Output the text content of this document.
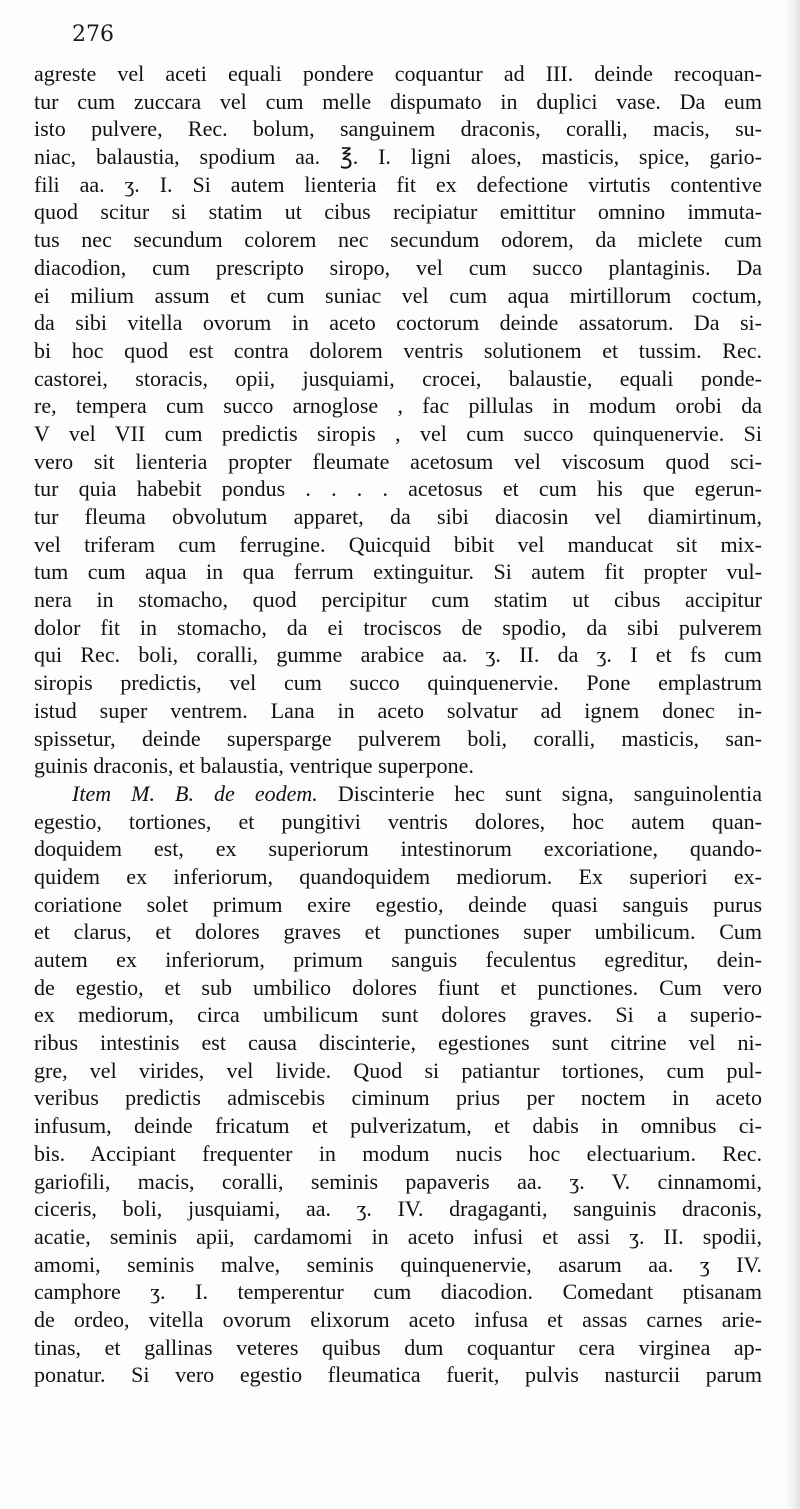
276
agreste vel aceti equali pondere coquantur ad III. deinde recoquan-
tur cum zuccara vel cum melle dispumato in duplici vase. Da eum
isto pulvere, Rec. bolum, sanguinem draconis, coralli, macis, su-
niac, balaustia, spodium aa. ℥. I. ligni aloes, masticis, spice, gario-
fili aa. ʒ. I. Si autem lienteria fit ex defectione virtutis contentive
quod scitur si statim ut cibus recipiatur emittitur omnino immuta-
tus nec secundum colorem nec secundum odorem, da miclete cum
diacodion, cum prescripto siropo, vel cum succo plantaginis. Da
ei milium assum et cum suniac vel cum aqua mirtillorum coctum,
da sibi vitella ovorum in aceto coctorum deinde assatorum. Da si-
bi hoc quod est contra dolorem ventris solutionem et tussim. Rec.
castorei, storacis, opii, jusquiami, crocei, balaustie, equali ponde-
re, tempera cum succo arnoglose , fac pillulas in modum orobi da
V vel VII cum predictis siropis , vel cum succo quinquenervie. Si
vero sit lienteria propter fleumate acetosum vel viscosum quod sci-
tur quia habebit pondus . . . . acetosus et cum his que egerun-
tur fleuma obvolutum apparet, da sibi diacosin vel diamirtinum,
vel triferam cum ferrugine. Quicquid bibit vel manducat sit mix-
tum cum aqua in qua ferrum extinguitur. Si autem fit propter vul-
nera in stomacho, quod percipitur cum statim ut cibus accipitur
dolor fit in stomacho, da ei trociscos de spodio, da sibi pulverem
qui Rec. boli, coralli, gumme arabice aa. ʒ. II. da ʒ. I et fs cum
siropis predictis, vel cum succo quinquenervie. Pone emplastrum
istud super ventrem. Lana in aceto solvatur ad ignem donec in-
spissetur, deinde supersparge pulverem boli, coralli, masticis, san-
guinis draconis, et balaustia, ventrique superpone.
Item M. B. de eodem. Discinterie hec sunt signa, sanguinolentia
egestio, tortiones, et pungitivi ventris dolores, hoc autem quan-
doquidem est, ex superiorum intestinorum excoriatione, quando-
quidem ex inferiorum, quandoquidem mediorum. Ex superiori ex-
coriatione solet primum exire egestio, deinde quasi sanguis purus
et clarus, et dolores graves et punctiones super umbilicum. Cum
autem ex inferiorum, primum sanguis feculentus egreditur, dein-
de egestio, et sub umbilico dolores fiunt et punctiones. Cum vero
ex mediorum, circa umbilicum sunt dolores graves. Si a superio-
ribus intestinis est causa discinterie, egestiones sunt citrine vel ni-
gre, vel virides, vel livide. Quod si patiantur tortiones, cum pul-
veribus predictis admiscebis ciminum prius per noctem in aceto
infusum, deinde fricatum et pulverizatum, et dabis in omnibus ci-
bis. Accipiant frequenter in modum nucis hoc electuarium. Rec.
gariofili, macis, coralli, seminis papaveris aa. ʒ. V. cinnamomi,
ciceris, boli, jusquiami, aa. ʒ. IV. dragaganti, sanguinis draconis,
acatie, seminis apii, cardamomi in aceto infusi et assi ʒ. II. spodii,
amomi, seminis malve, seminis quinquenervie, asarum aa. ʒ IV.
camphore ʒ. I. temperentur cum diacodion. Comedant ptisanam
de ordeo, vitella ovorum elixorum aceto infusa et assas carnes arie-
tinas, et gallinas veteres quibus dum coquantur cera virginea ap-
ponatur. Si vero egestio fleumatica fuerit, pulvis nasturcii parum
